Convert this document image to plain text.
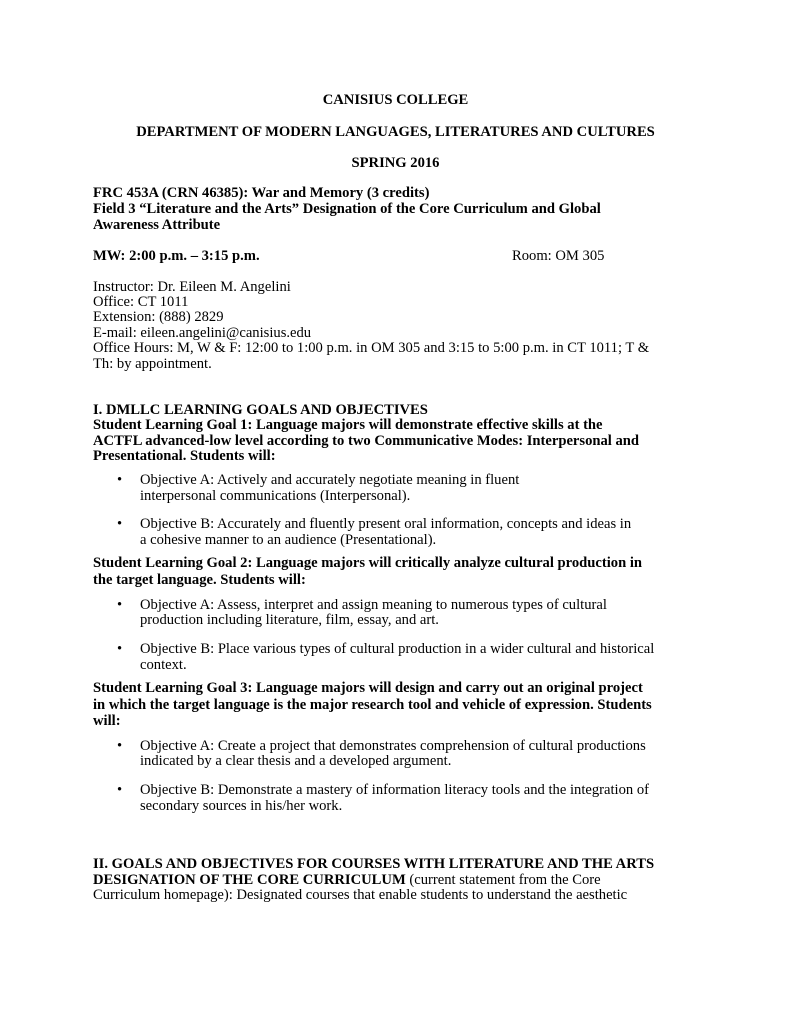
CANISIUS COLLEGE
DEPARTMENT OF MODERN LANGUAGES, LITERATURES AND CULTURES
SPRING 2016
FRC 453A (CRN 46385): War and Memory (3 credits)
Field 3 “Literature and the Arts” Designation of the Core Curriculum and Global
Awareness Attribute
MW: 2:00 p.m. – 3:15 p.m.	Room: OM 305
Instructor: Dr. Eileen M. Angelini
Office: CT 1011
Extension: (888) 2829
E-mail: eileen.angelini@canisius.edu
Office Hours: M, W & F: 12:00 to 1:00 p.m. in OM 305 and 3:15 to 5:00 p.m. in CT 1011; T &
Th: by appointment.
I. DMLLC LEARNING GOALS AND OBJECTIVES
Student Learning Goal 1: Language majors will demonstrate effective skills at the
ACTFL advanced-low level according to two Communicative Modes: Interpersonal and
Presentational. Students will:
• Objective A: Actively and accurately negotiate meaning in fluent
interpersonal communications (Interpersonal).
• Objective B: Accurately and fluently present oral information, concepts and ideas in
a cohesive manner to an audience (Presentational).
Student Learning Goal 2: Language majors will critically analyze cultural production in
the target language. Students will:
• Objective A: Assess, interpret and assign meaning to numerous types of cultural
production including literature, film, essay, and art.
• Objective B: Place various types of cultural production in a wider cultural and historical
context.
Student Learning Goal 3: Language majors will design and carry out an original project
in which the target language is the major research tool and vehicle of expression. Students
will:
• Objective A: Create a project that demonstrates comprehension of cultural productions
indicated by a clear thesis and a developed argument.
• Objective B: Demonstrate a mastery of information literacy tools and the integration of
secondary sources in his/her work.
II. GOALS AND OBJECTIVES FOR COURSES WITH LITERATURE AND THE ARTS
DESIGNATION OF THE CORE CURRICULUM (current statement from the Core
Curriculum homepage): Designated courses that enable students to understand the aesthetic
